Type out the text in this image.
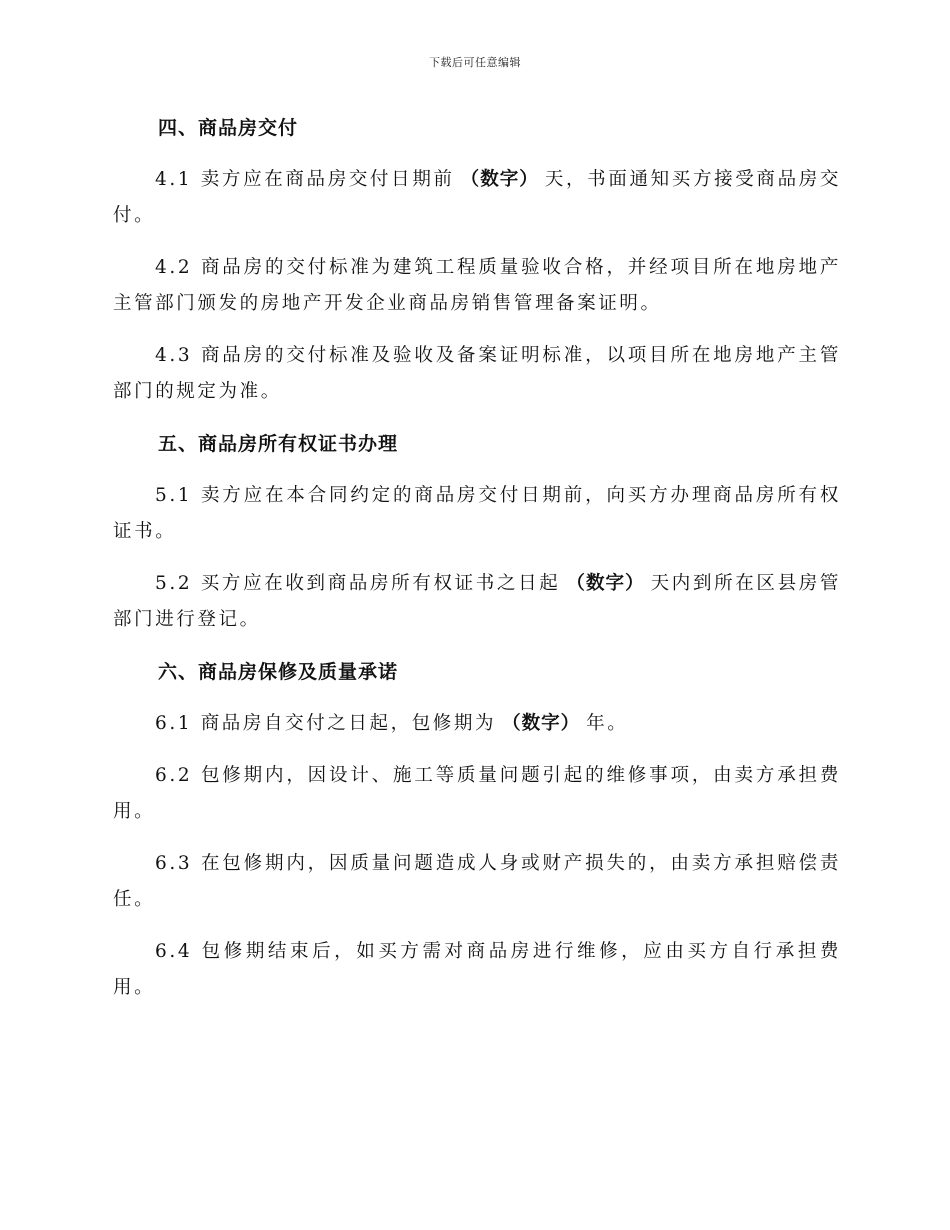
下载后可任意编辑
四、商品房交付

4.1 卖方应在商品房交付日期前 （数字） 天，书面通知买方接受商品房交付。

4.2 商品房的交付标准为建筑工程质量验收合格，并经项目所在地房地产主管部门颁发的房地产开发企业商品房销售管理备案证明。

4.3 商品房的交付标准及验收及备案证明标准，以项目所在地房地产主管部门的规定为准。

五、商品房所有权证书办理

5.1 卖方应在本合同约定的商品房交付日期前，向买方办理商品房所有权证书。

5.2 买方应在收到商品房所有权证书之日起 （数字） 天内到所在区县房管部门进行登记。

六、商品房保修及质量承诺

6.1 商品房自交付之日起，包修期为 （数字） 年。

6.2 包修期内，因设计、施工等质量问题引起的维修事项，由卖方承担费用。

6.3 在包修期内，因质量问题造成人身或财产损失的，由卖方承担赔偿责任。

6.4 包修期结束后，如买方需对商品房进行维修，应由买方自行承担费用。
